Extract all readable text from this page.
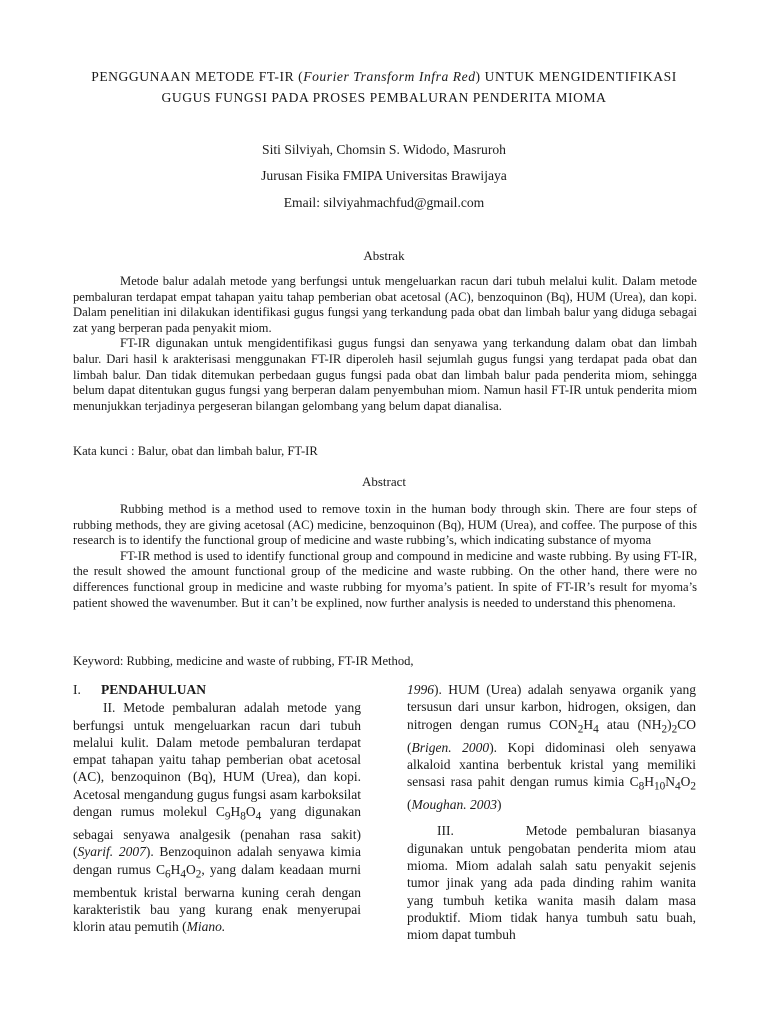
PENGGUNAAN METODE FT-IR (Fourier Transform Infra Red) UNTUK MENGIDENTIFIKASI
GUGUS FUNGSI PADA PROSES PEMBALURAN PENDERITA MIOMA
Siti Silviyah, Chomsin S. Widodo, Masruroh
Jurusan Fisika FMIPA Universitas Brawijaya
Email: silviyahmachfud@gmail.com
Abstrak

Metode balur adalah metode yang berfungsi untuk mengeluarkan racun dari tubuh melalui kulit. Dalam metode pembaluran terdapat empat tahapan yaitu tahap pemberian obat acetosal (AC), benzoquinon (Bq), HUM (Urea), dan kopi. Dalam penelitian ini dilakukan identifikasi gugus fungsi yang terkandung pada obat dan limbah balur yang diduga sebagai zat yang berperan pada penyakit miom.

FT-IR digunakan untuk mengidentifikasi gugus fungsi dan senyawa yang terkandung dalam obat dan limbah balur. Dari hasil k arakterisasi menggunakan FT-IR diperoleh hasil sejumlah gugus fungsi yang terdapat pada obat dan limbah balur. Dan tidak ditemukan perbedaan gugus fungsi pada obat dan limbah balur pada penderita miom, sehingga belum dapat ditentukan gugus fungsi yang berperan dalam penyembuhan miom. Namun hasil FT-IR untuk penderita miom menunjukkan terjadinya pergeseran bilangan gelombang yang belum dapat dianalisa.

Kata kunci : Balur, obat dan limbah balur, FT-IR
Abstract

Rubbing method is a method used to remove toxin in the human body through skin. There are four steps of rubbing methods, they are giving acetosal (AC) medicine, benzoquinon (Bq), HUM (Urea), and coffee. The purpose of this research is to identify the functional group of medicine and waste rubbing’s, which indicating substance of myoma

FT-IR method is used to identify functional group and compound in medicine and waste rubbing. By using FT-IR, the result showed the amount functional group of the medicine and waste rubbing. On the other hand, there were no differences functional group in medicine and waste rubbing for myoma’s patient. In spite of FT-IR’s result for myoma’s patient showed the wavenumber. But it can’t be explined, now further analysis is needed to understand this phenomena.

Keyword: Rubbing, medicine and waste of rubbing, FT-IR Method,
I. PENDAHULUAN

II. Metode pembaluran adalah metode yang berfungsi untuk mengeluarkan racun dari tubuh melalui kulit. Dalam metode pembaluran terdapat empat tahapan yaitu tahap pemberian obat acetosal (AC), benzoquinon (Bq), HUM (Urea), dan kopi. Acetosal mengandung gugus fungsi asam karboksilat dengan rumus molekul $C_9H_8O_4$ yang digunakan sebagai senyawa analgesik (penahan rasa sakit) (Syarif. 2007). Benzoquinon adalah senyawa kimia dengan rumus $C_6H_4O_2$, yang dalam keadaan murni membentuk kristal berwarna kuning cerah dengan karakteristik bau yang kurang enak menyerupai klorin atau pemutih (Miano.

1996). HUM (Urea) adalah senyawa organik yang tersusun dari unsur karbon, hidrogen, oksigen, dan nitrogen dengan rumus $CON_2H_4$ atau $(NH_2)_2CO$ (Brigen. 2000). Kopi didominasi oleh senyawa alkaloid xantina berbentuk kristal yang memiliki sensasi rasa pahit dengan rumus kimia $C_8H_{10}N_4O_2$ (Moughan. 2003)

III.        Metode pembaluran biasanya digunakan untuk pengobatan penderita miom atau mioma. Miom adalah salah satu penyakit sejenis tumor jinak yang ada pada dinding rahim wanita yang tumbuh ketika wanita masih dalam masa produktif. Miom tidak hanya tumbuh satu buah, miom dapat tumbuh
